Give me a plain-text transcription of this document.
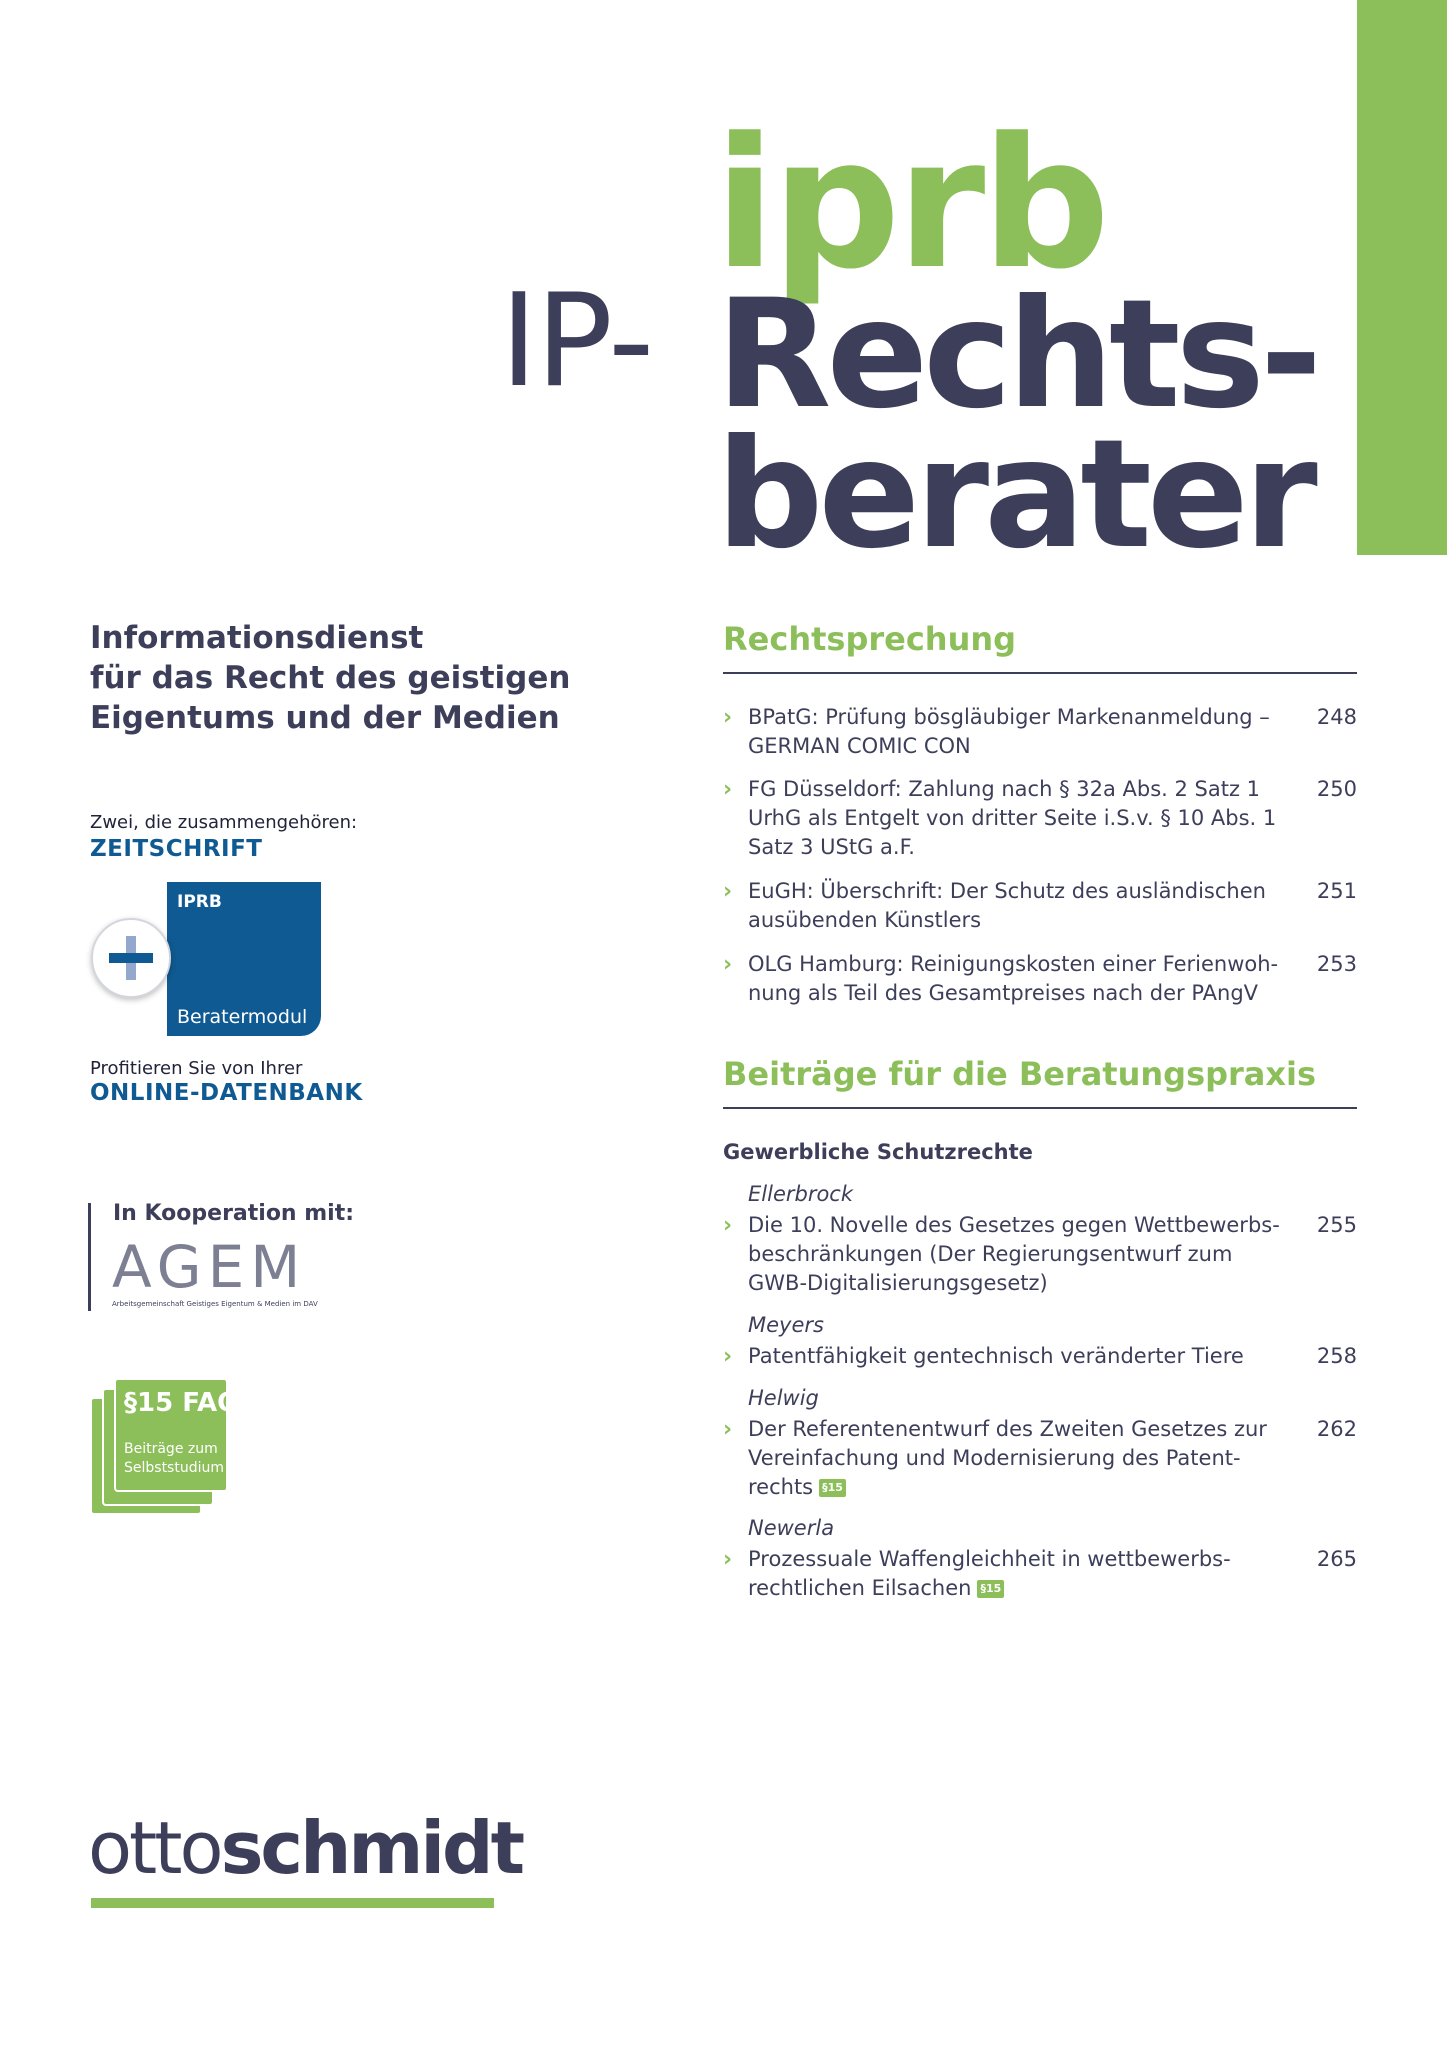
iprb
IP- Rechts-
berater
Informationsdienst
für das Recht des geistigen
Eigentums und der Medien
Zwei, die zusammengehören:
ZEITSCHRIFT
IPRB
Beratermodul
Profitieren Sie von Ihrer
ONLINE-DATENBANK
In Kooperation mit:
AGEM
Arbeitsgemeinschaft Geistiges Eigentum & Medien im DAV
§15 FAO
Beiträge zum Selbststudium
ottoschmidt
Rechtsprechung
› BPatG: Prüfung bösgläubiger Markenanmeldung –
GERMAN COMIC CON
248
› FG Düsseldorf: Zahlung nach § 32a Abs. 2 Satz 1
UrhG als Entgelt von dritter Seite i.S.v. § 10 Abs. 1
Satz 3 UStG a.F.
250
› EuGH: Überschrift: Der Schutz des ausländischen
ausübenden Künstlers
251
› OLG Hamburg: Reinigungskosten einer Ferienwoh-
nung als Teil des Gesamtpreises nach der PAngV
253
Beiträge für die Beratungspraxis
Gewerbliche Schutzrechte
Ellerbrock
› Die 10. Novelle des Gesetzes gegen Wettbewerbs-
beschränkungen (Der Regierungsentwurf zum
GWB-Digitalisierungsgesetz)
255
Meyers
› Patentfähigkeit gentechnisch veränderter Tiere	258
Helwig
› Der Referentenentwurf des Zweiten Gesetzes zur
Vereinfachung und Modernisierung des Patent-
rechts §15
262
Newerla
› Prozessuale Waffengleichheit in wettbewerbs-
rechtlichen Eilsachen §15
265
